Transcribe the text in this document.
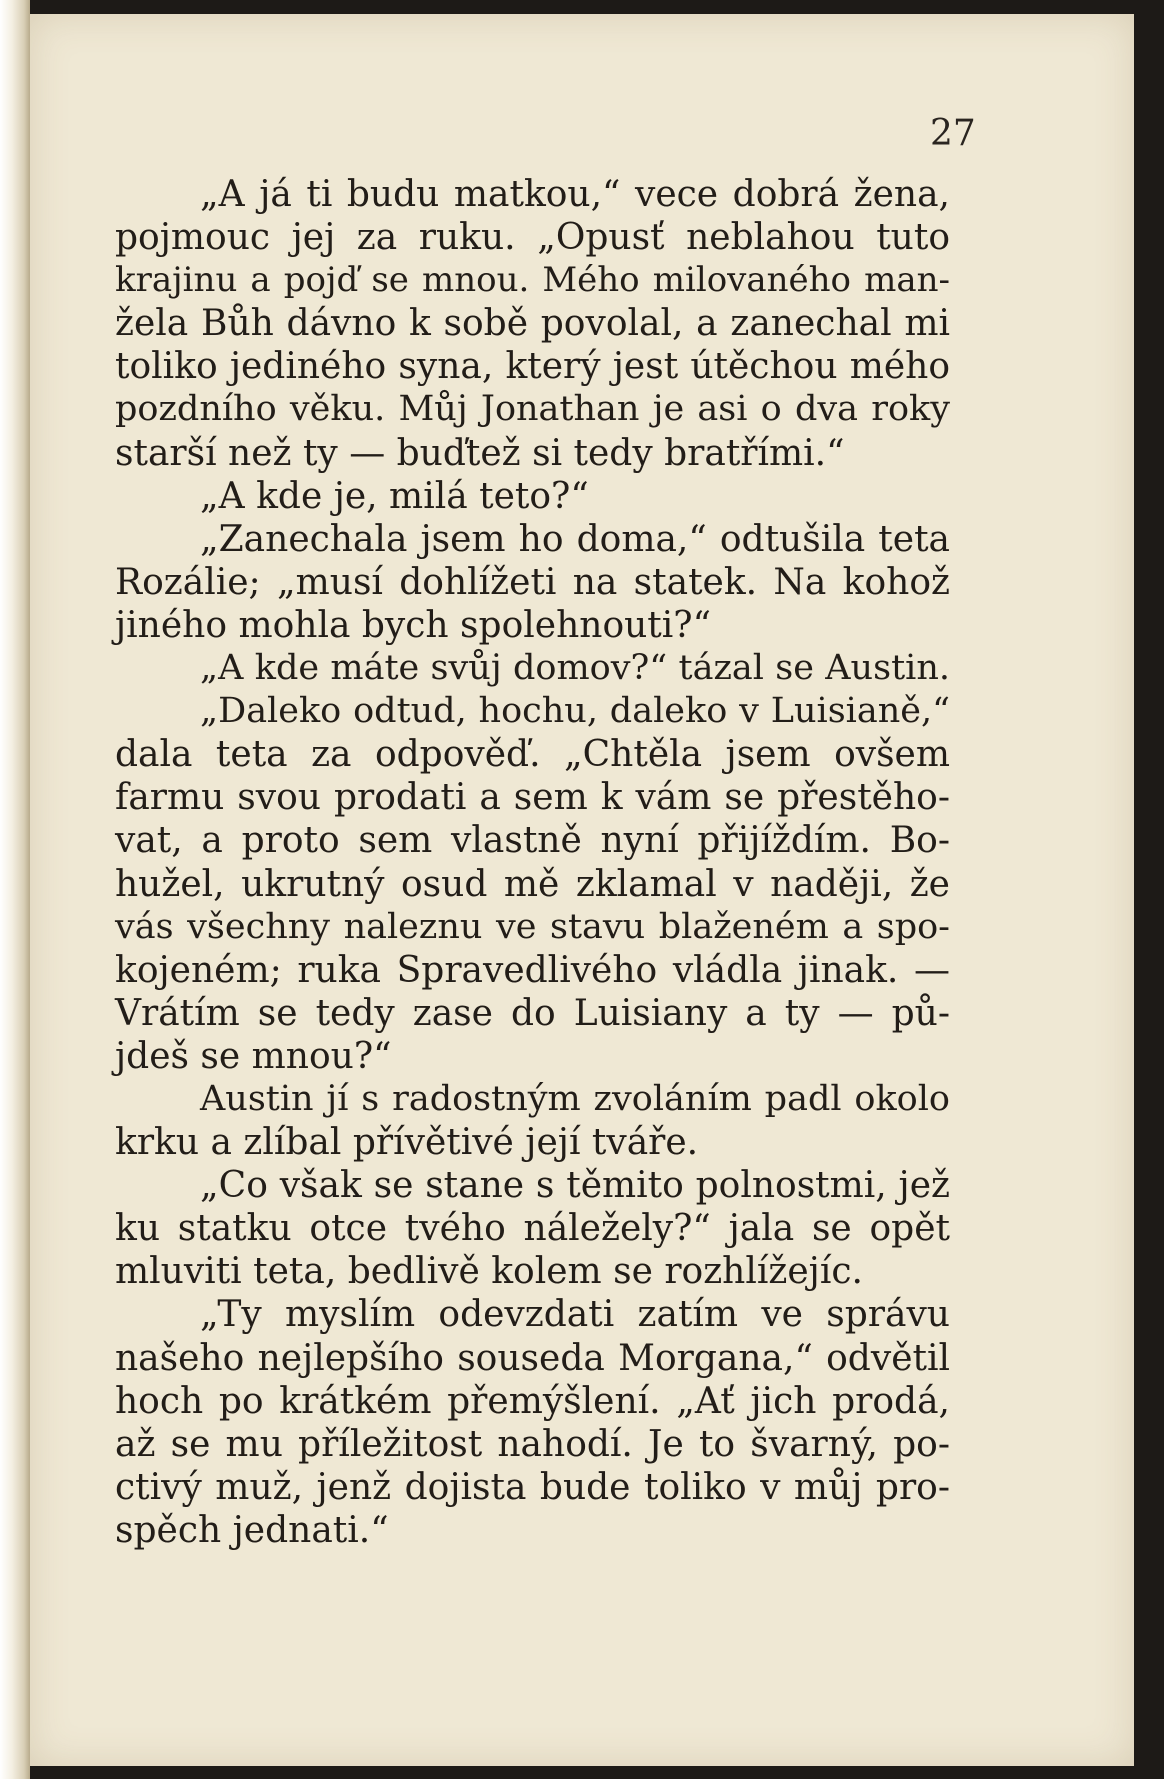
27
„A já ti budu matkou,“ vece dobrá žena,
pojmouc jej za ruku. „Opusť neblahou tuto
krajinu a pojď se mnou. Mého milovaného man-
žela Bůh dávno k sobě povolal, a zanechal mi
toliko jediného syna, který jest útěchou mého
pozdního věku. Můj Jonathan je asi o dva roky
starší než ty — buďtež si tedy bratřími.“
„A kde je, milá teto?“
„Zanechala jsem ho doma,“ odtušila teta
Rozálie; „musí dohlížeti na statek. Na kohož
jiného mohla bych spolehnouti?“
„A kde máte svůj domov?“ tázal se Austin.
„Daleko odtud, hochu, daleko v Luisianě,“
dala teta za odpověď. „Chtěla jsem ovšem
farmu svou prodati a sem k vám se přestěho-
vat, a proto sem vlastně nyní přijíždím. Bo-
hužel, ukrutný osud mě zklamal v naději, že
vás všechny naleznu ve stavu blaženém a spo-
kojeném; ruka Spravedlivého vládla jinak. —
Vrátím se tedy zase do Luisiany a ty — pů-
jdeš se mnou?“
Austin jí s radostným zvoláním padl okolo
krku a zlíbal přívětivé její tváře.
„Co však se stane s těmito polnostmi, jež
ku statku otce tvého náležely?“ jala se opět
mluviti teta, bedlivě kolem se rozhlížejíc.
„Ty myslím odevzdati zatím ve správu
našeho nejlepšího souseda Morgana,“ odvětil
hoch po krátkém přemýšlení. „Ať jich prodá,
až se mu příležitost nahodí. Je to švarný, po-
ctivý muž, jenž dojista bude toliko v můj pro-
spěch jednati.“
